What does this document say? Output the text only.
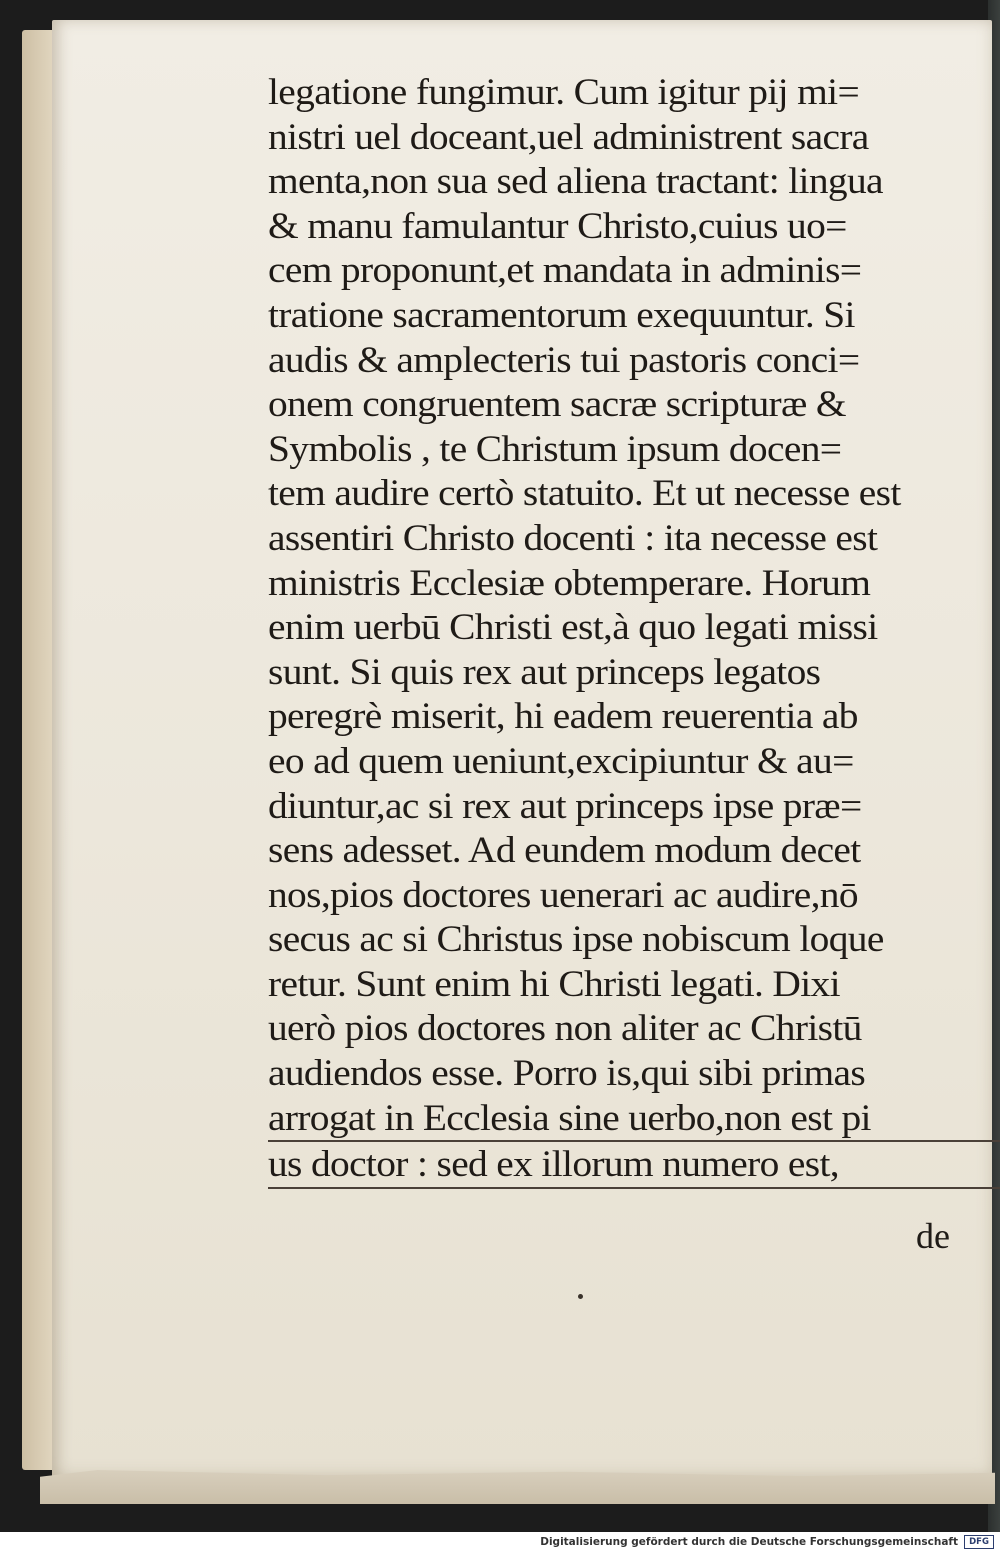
legatione fungimur. Cum igitur pij mi=
nistri uel doceant,uel administrent sacra
menta,non sua sed aliena tractant: lingua
& manu famulantur Christo,cuius uo=
cem proponunt,et mandata in adminis=
tratione sacramentorum exequuntur. Si
audis & amplecteris tui pastoris conci=
onem congruentem sacræ scripturæ &
Symbolis , te Christum ipsum docen=
tem audire certò statuito. Et ut necesse est
assentiri Christo docenti : ita necesse est
ministris Ecclesiæ obtemperare. Horum
enim uerbū Christi est,à quo legati missi
sunt. Si quis rex aut princeps legatos
peregrè miserit, hi eadem reuerentia ab
eo ad quem ueniunt,excipiuntur & au=
diuntur,ac si rex aut princeps ipse præ=
sens adesset. Ad eundem modum decet
nos,pios doctores uenerari ac audire,nō
secus ac si Christus ipse nobiscum loque
retur. Sunt enim hi Christi legati. Dixi
uerò pios doctores non aliter ac Christū
audiendos esse. Porro is,qui sibi primas
arrogat in Ecclesia sine uerbo,non est pi
us doctor : sed ex illorum numero est,
de
Digitalisierung gefördert durch die Deutsche Forschungsgemeinschaft	DFG
